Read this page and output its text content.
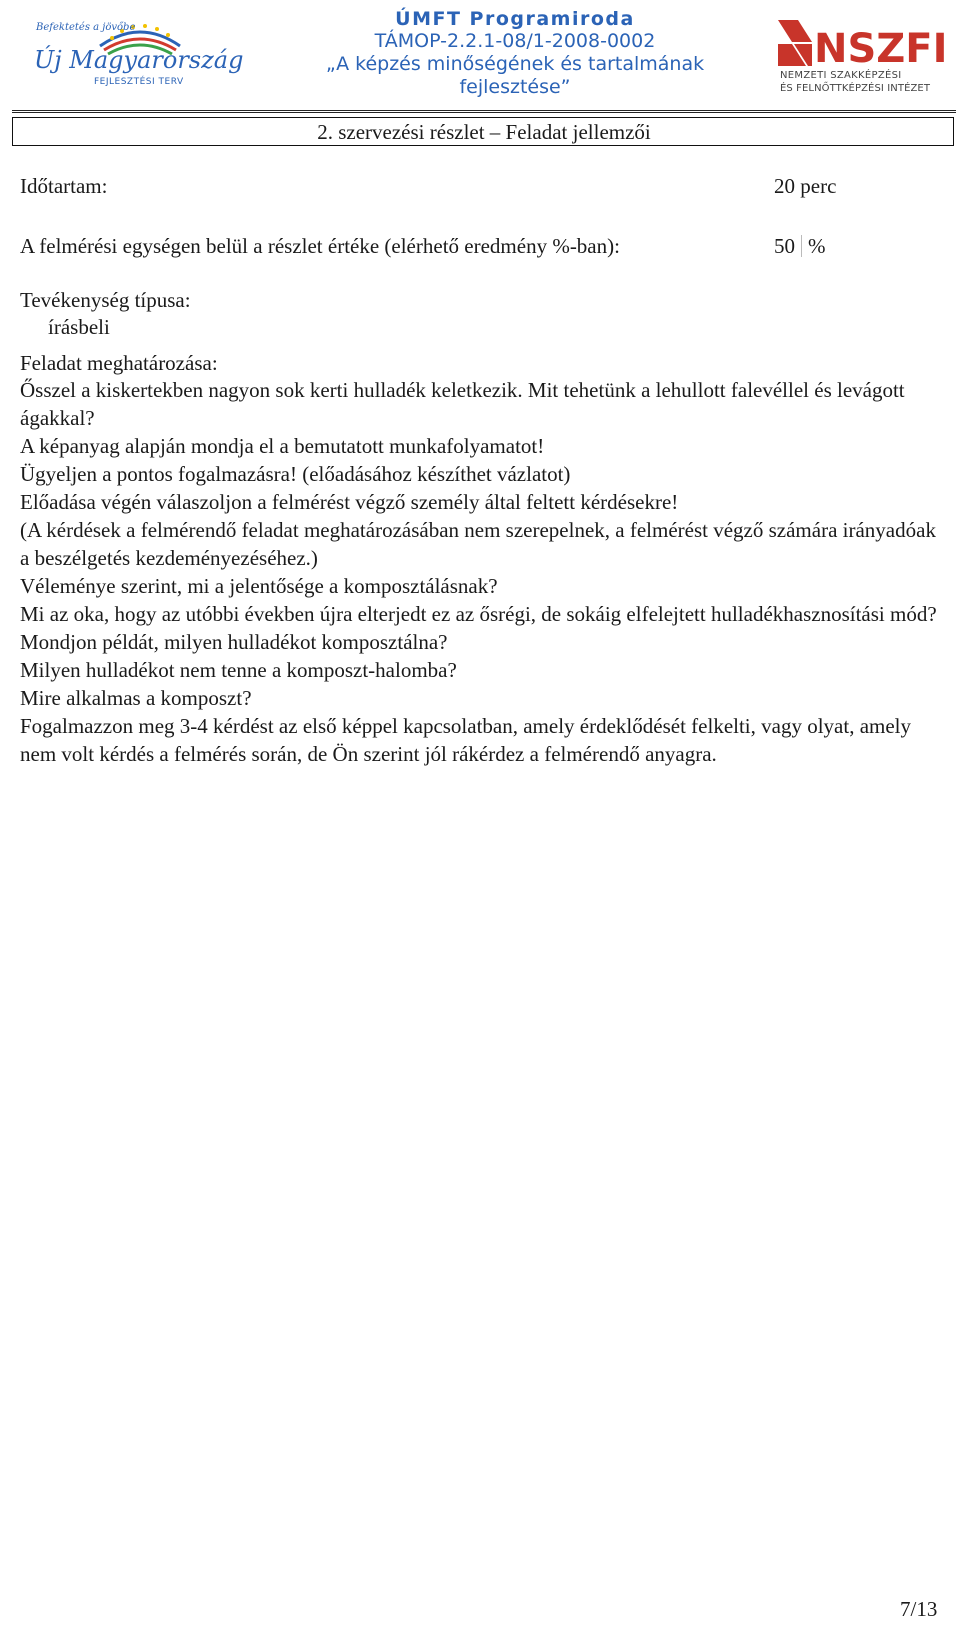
Befektetés a jövőbe
Új Magyarország
FEJLESZTÉSI TERV
ÚMFT Programiroda
TÁMOP-2.2.1-08/1-2008-0002
„A képzés minőségének és tartalmának
fejlesztése”
NSZFI
NEMZETI SZAKKÉPZÉSI
ÉS FELNŐTTKÉPZÉSI INTÉZET
2. szervezési részlet – Feladat jellemzői
Időtartam:	20 perc
A felmérési egységen belül a részlet értéke (elérhető eredmény %-ban):	50 %
Tevékenység típusa:
írásbeli
Feladat meghatározása:

Ősszel a kiskertekben nagyon sok kerti hulladék keletkezik. Mit tehetünk a lehullott falevéllel és levágott ágakkal?

A képanyag alapján mondja el a bemutatott munkafolyamatot!

Ügyeljen a pontos fogalmazásra! (előadásához készíthet vázlatot)

Előadása végén válaszoljon a felmérést végző személy által feltett kérdésekre!

(A kérdések a felmérendő feladat meghatározásában nem szerepelnek, a felmérést végző számára irányadóak a beszélgetés kezdeményezéséhez.)

Véleménye szerint, mi a jelentősége a komposztálásnak?

Mi az oka, hogy az utóbbi években újra elterjedt ez az ősrégi, de sokáig elfelejtett hulladékhasznosítási mód?

Mondjon példát, milyen hulladékot komposztálna?

Milyen hulladékot nem tenne a komposzt-halomba?

Mire alkalmas a komposzt?

Fogalmazzon meg 3-4 kérdést az első képpel kapcsolatban, amely érdeklődését felkelti, vagy olyat, amely nem volt kérdés a felmérés során, de Ön szerint jól rákérdez a felmérendő anyagra.

7/13
